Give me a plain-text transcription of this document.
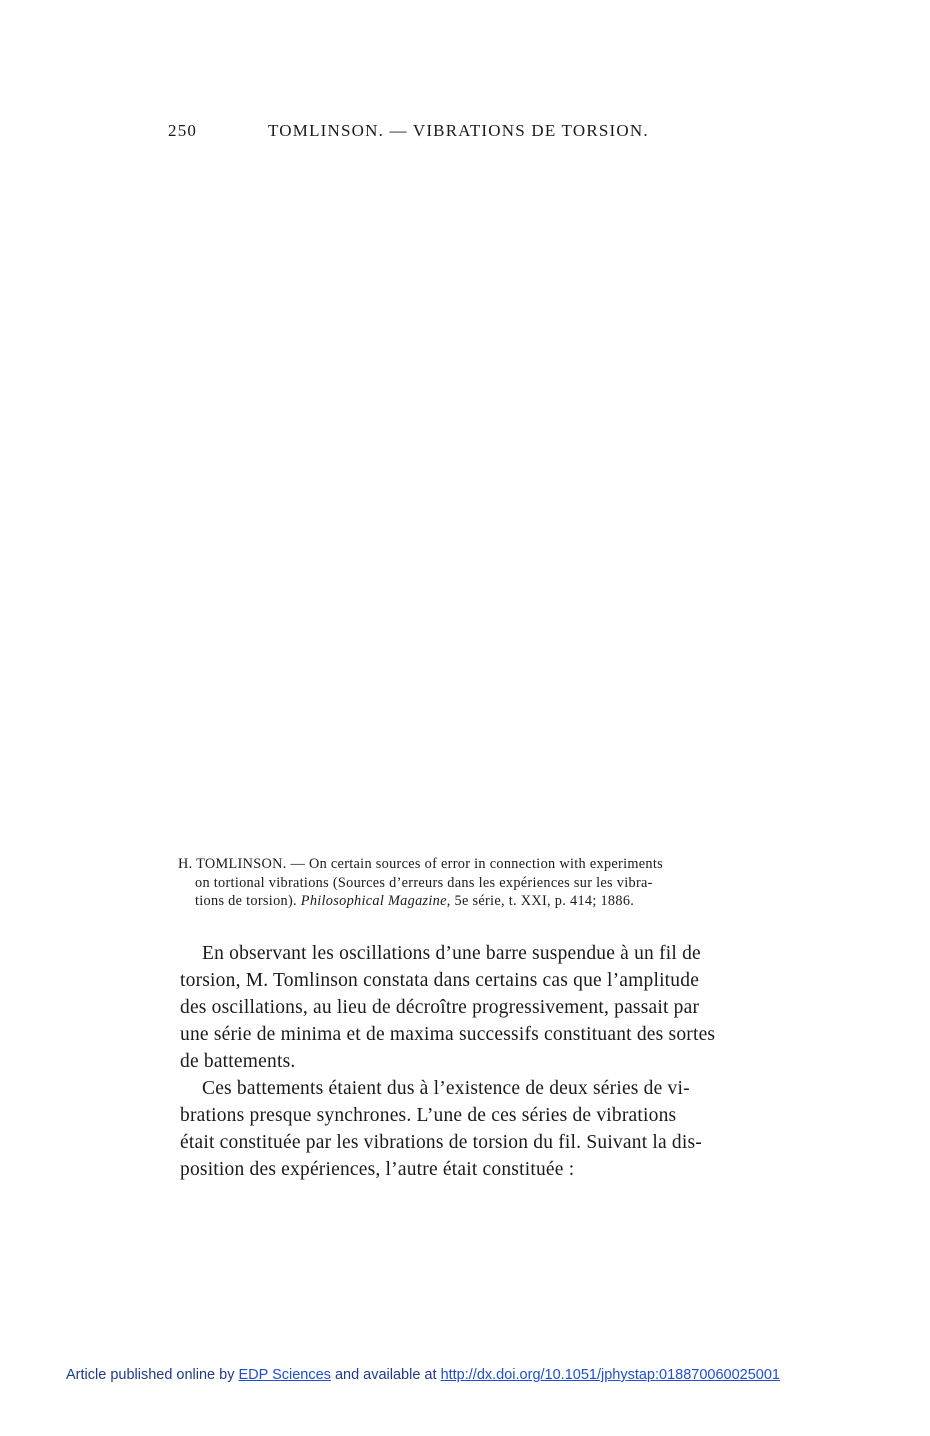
250	TOMLINSON. — VIBRATIONS DE TORSION.
H. TOMLINSON. — On certain sources of error in connection with experiments
on tortional vibrations (Sources d’erreurs dans les expériences sur les vibra-
tions de torsion). Philosophical Magazine, 5e série, t. XXI, p. 414; 1886.

En observant les oscillations d’une barre suspendue à un fil de
torsion, M. Tomlinson constata dans certains cas que l’amplitude
des oscillations, au lieu de décroître progressivement, passait par
une série de minima et de maxima successifs constituant des sortes
de battements.

Ces battements étaient dus à l’existence de deux séries de vi-
brations presque synchrones. L’une de ces séries de vibrations
était constituée par les vibrations de torsion du fil. Suivant la dis-
position des expériences, l’autre était constituée :

Article published online by EDP Sciences and available at http://dx.doi.org/10.1051/jphystap:018870060025001
